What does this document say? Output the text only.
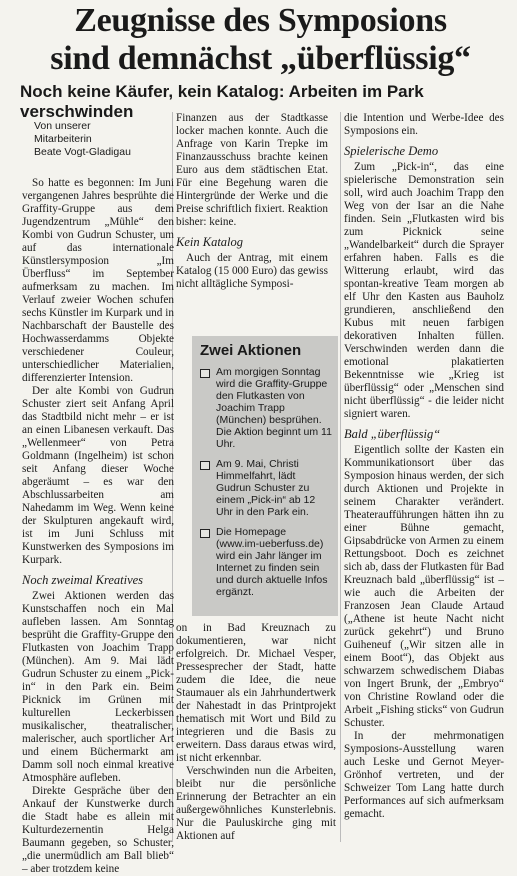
Zeugnisse des Symposions
sind demnächst „überflüssig“
Noch keine Käufer, kein Katalog: Arbeiten im Park verschwinden
Von unserer
Mitarbeiterin
Beate Vogt-Gladigau

So hatte es begonnen: Im Juni vergangenen Jahres besprühte die Graffity-Gruppe aus dem Jugendzentrum „Mühle“ den Kombi von Gudrun Schuster, um auf das internationale Künstlersymposion „Im Überfluss“ im September aufmerksam zu machen. Im Verlauf zweier Wochen schufen sechs Künstler im Kurpark und in Nachbarschaft der Baustelle des Hochwasserdamms Objekte verschiedener Couleur, unterschiedlicher Materialien, differenzierter Intension.

Der alte Kombi von Gudrun Schuster ziert seit Anfang April das Stadtbild nicht mehr – er ist an einen Libanesen verkauft. Das „Wellenmeer“ von Petra Goldmann (Ingelheim) ist schon seit Anfang dieser Woche abgeräumt – es war den Abschlussarbeiten am Nahedamm im Weg. Wenn keine der Skulpturen angekauft wird, ist im Juni Schluss mit Kunstwerken des Symposions im Kurpark.

Noch zweimal Kreatives

Zwei Aktionen werden das Kunstschaffen noch ein Mal aufleben lassen. Am Sonntag besprüht die Graffity-Gruppe den Flutkasten von Joachim Trapp (München). Am 9. Mai lädt Gudrun Schuster zu einem „Pick-in“ in den Park ein. Beim Picknick im Grünen mit kulturellen Leckerbissen musikalischer, theatralischer, malerischer, auch sportlicher Art und einem Büchermarkt am Damm soll noch einmal kreative Atmosphäre aufleben.

Direkte Gespräche über den Ankauf der Kunstwerke durch die Stadt habe es allein mit Kulturdezernentin Helga Baumann gegeben, so Schuster, „die unermüdlich am Ball blieb“ – aber trotzdem keine

Finanzen aus der Stadtkasse locker machen konnte. Auch die Anfrage von Karin Trepke im Finanzausschuss brachte keinen Euro aus dem städtischen Etat. Für eine Begehung waren die Hintergründe der Werke und die Preise schriftlich fixiert. Reaktion bisher: keine.

Kein Katalog

Auch der Antrag, mit einem Katalog (15 000 Euro) das gewiss nicht alltägliche Symposi-

Zwei Aktionen
Am morgigen Sonntag wird die Graffity-Gruppe den Flutkasten von Joachim Trapp (München) besprühen. Die Aktion beginnt um 11 Uhr.
Am 9. Mai, Christi Himmelfahrt, lädt Gudrun Schuster zu einem „Pick-in“ ab 12 Uhr in den Park ein.
Die Homepage (www.im-ueberfuss.de) wird ein Jahr länger im Internet zu finden sein und durch aktuelle Infos ergänzt.

on in Bad Kreuznach zu dokumentieren, war nicht erfolgreich. Dr. Michael Vesper, Pressesprecher der Stadt, hatte zudem die Idee, die neue Staumauer als ein Jahrhundertwerk der Nahestadt in das Printprojekt thematisch mit Wort und Bild zu integrieren und die Basis zu erweitern. Dass daraus etwas wird, ist nicht erkennbar.

Verschwinden nun die Arbeiten, bleibt nur die persönliche Erinnerung der Betrachter an ein außergewöhnliches Kunsterlebnis. Nur die Pauluskirche ging mit Aktionen auf

die Intention und Werbe-Idee des Symposions ein.

Spielerische Demo

Zum „Pick-in“, das eine spielerische Demonstration sein soll, wird auch Joachim Trapp den Weg von der Isar an die Nahe finden. Sein „Flutkasten wird bis zum Picknick seine „Wandelbarkeit“ durch die Sprayer erfahren haben. Falls es die Witterung erlaubt, wird das spontan-kreative Team morgen ab elf Uhr den Kasten aus Bauholz grundieren, anschließend den Kubus mit neuen farbigen dekorativen Inhalten füllen. Verschwinden werden dann die emotional plakatierten Bekenntnisse wie „Krieg ist überflüssig“ oder „Menschen sind nicht überflüssig“ - die leider nicht signiert waren.

Bald „überflüssig“

Eigentlich sollte der Kasten ein Kommunikationsort über das Symposion hinaus werden, der sich durch Aktionen und Projekte in seinem Charakter verändert. Theateraufführungen hätten ihn zu einer Bühne gemacht, Gipsabdrücke von Armen zu einem Rettungsboot. Doch es zeichnet sich ab, dass der Flutkasten für Bad Kreuznach bald „überflüssig“ ist – wie auch die Arbeiten der Franzosen Jean Claude Artaud („Athene ist heute Nacht nicht zurück gekehrt“) und Bruno Guiheneuf („Wir sitzen alle in einem Boot“), das Objekt aus schwarzem schwedischem Diabas von Ingert Brunk, der „Embryo“ von Christine Rowland oder die Arbeit „Fishing sticks“ von Gudrun Schuster.

In der mehrmonatigen Symposions-Ausstellung waren auch Leske und Gernot Meyer-Grönhof vertreten, und der Schweizer Tom Lang hatte durch Performances auf sich aufmerksam gemacht.
